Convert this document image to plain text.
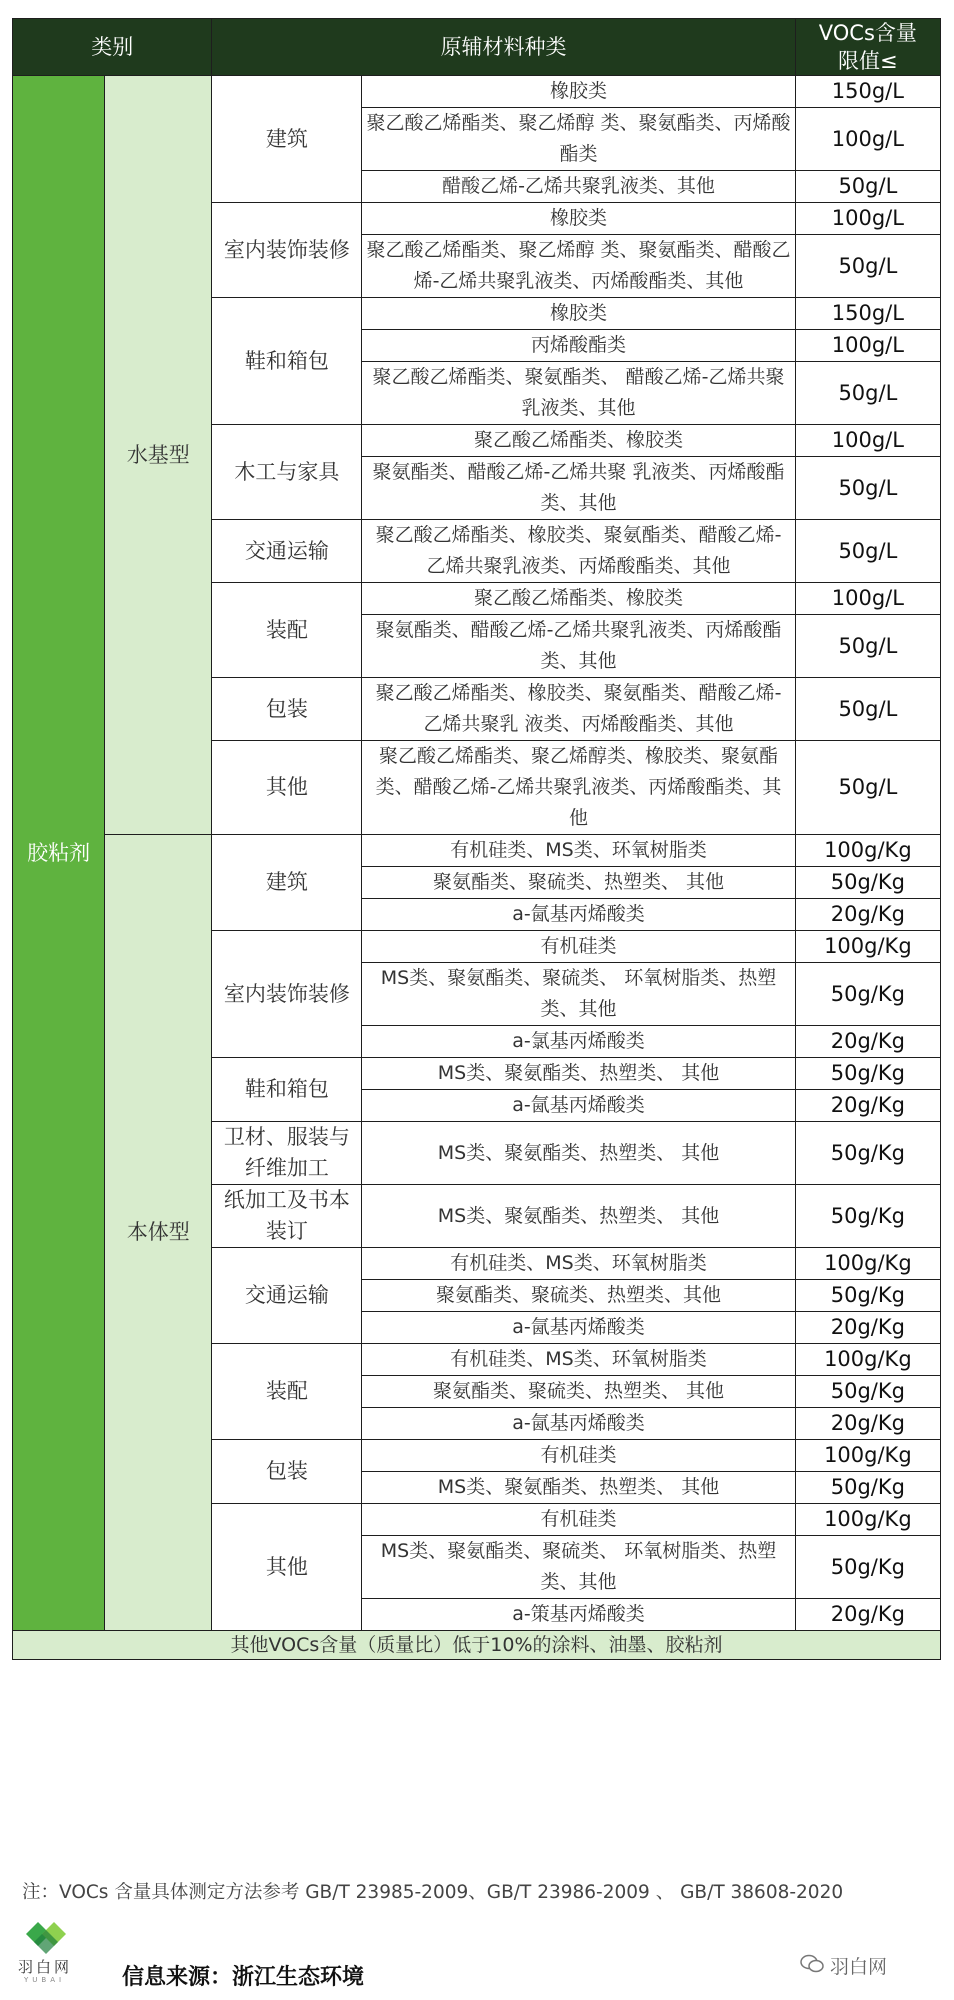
类别		原辅材料种类		VOCs含量
限值≤

胶粘剂	水基型	建筑	橡胶类	150g/L
			聚乙酸乙烯酯类、聚乙烯醇 类、聚氨酯类、丙烯酸酯类	100g/L
			醋酸乙烯-乙烯共聚乳液类、其他	50g/L
		室内装饰装修	橡胶类	100g/L
			聚乙酸乙烯酯类、聚乙烯醇 类、聚氨酯类、醋酸乙烯-乙烯共聚乳液类、丙烯酸酯类、其他	50g/L
		鞋和箱包	橡胶类	150g/L
			丙烯酸酯类	100g/L
			聚乙酸乙烯酯类、聚氨酯类、 醋酸乙烯-乙烯共聚乳液类、其他	50g/L
		木工与家具	聚乙酸乙烯酯类、橡胶类	100g/L
			聚氨酯类、醋酸乙烯-乙烯共聚 乳液类、丙烯酸酯类、其他	50g/L
		交通运输	聚乙酸乙烯酯类、橡胶类、聚氨酯类、醋酸乙烯-乙烯共聚乳液类、丙烯酸酯类、其他	50g/L
		装配	聚乙酸乙烯酯类、橡胶类	100g/L
			聚氨酯类、醋酸乙烯-乙烯共聚乳液类、丙烯酸酯类、其他	50g/L
		包装	聚乙酸乙烯酯类、橡胶类、聚氨酯类、醋酸乙烯-乙烯共聚乳 液类、丙烯酸酯类、其他	50g/L
		其他	聚乙酸乙烯酯类、聚乙烯醇类、橡胶类、聚氨酯类、醋酸乙烯-乙烯共聚乳液类、丙烯酸酯类、其他	50g/L
	本体型	建筑	有机硅类、MS类、环氧树脂类	100g/Kg
			聚氨酯类、聚硫类、热塑类、 其他	50g/Kg
			a-氤基丙烯酸类	20g/Kg
		室内装饰装修	有机硅类	100g/Kg
			MS类、聚氨酯类、聚硫类、 环氧树脂类、热塑类、其他	50g/Kg
			a-氯基丙烯酸类	20g/Kg
		鞋和箱包	MS类、聚氨酯类、热塑类、 其他	50g/Kg
			a-氤基丙烯酸类	20g/Kg
		卫材、服装与纤维加工	MS类、聚氨酯类、热塑类、 其他	50g/Kg
		纸加工及书本装订	MS类、聚氨酯类、热塑类、 其他	50g/Kg
		交通运输	有机硅类、MS类、环氧树脂类	100g/Kg
			聚氨酯类、聚硫类、热塑类、其他	50g/Kg
			a-氤基丙烯酸类	20g/Kg
		装配	有机硅类、MS类、环氧树脂类	100g/Kg
			聚氨酯类、聚硫类、热塑类、 其他	50g/Kg
			a-氤基丙烯酸类	20g/Kg
		包装	有机硅类	100g/Kg
			MS类、聚氨酯类、热塑类、 其他	50g/Kg
		其他	有机硅类	100g/Kg
			MS类、聚氨酯类、聚硫类、 环氧树脂类、热塑类、其他	50g/Kg
			a-策基丙烯酸类	20g/Kg
其他VOCs含量（质量比）低于10%的涂料、油墨、胶粘剂				
注：VOCs 含量具体测定方法参考 GB/T 23985-2009、GB/T 23986-2009 、 GB/T 38608-2020
羽白网
YUBAI	信息来源：浙江生态环境	羽白网
